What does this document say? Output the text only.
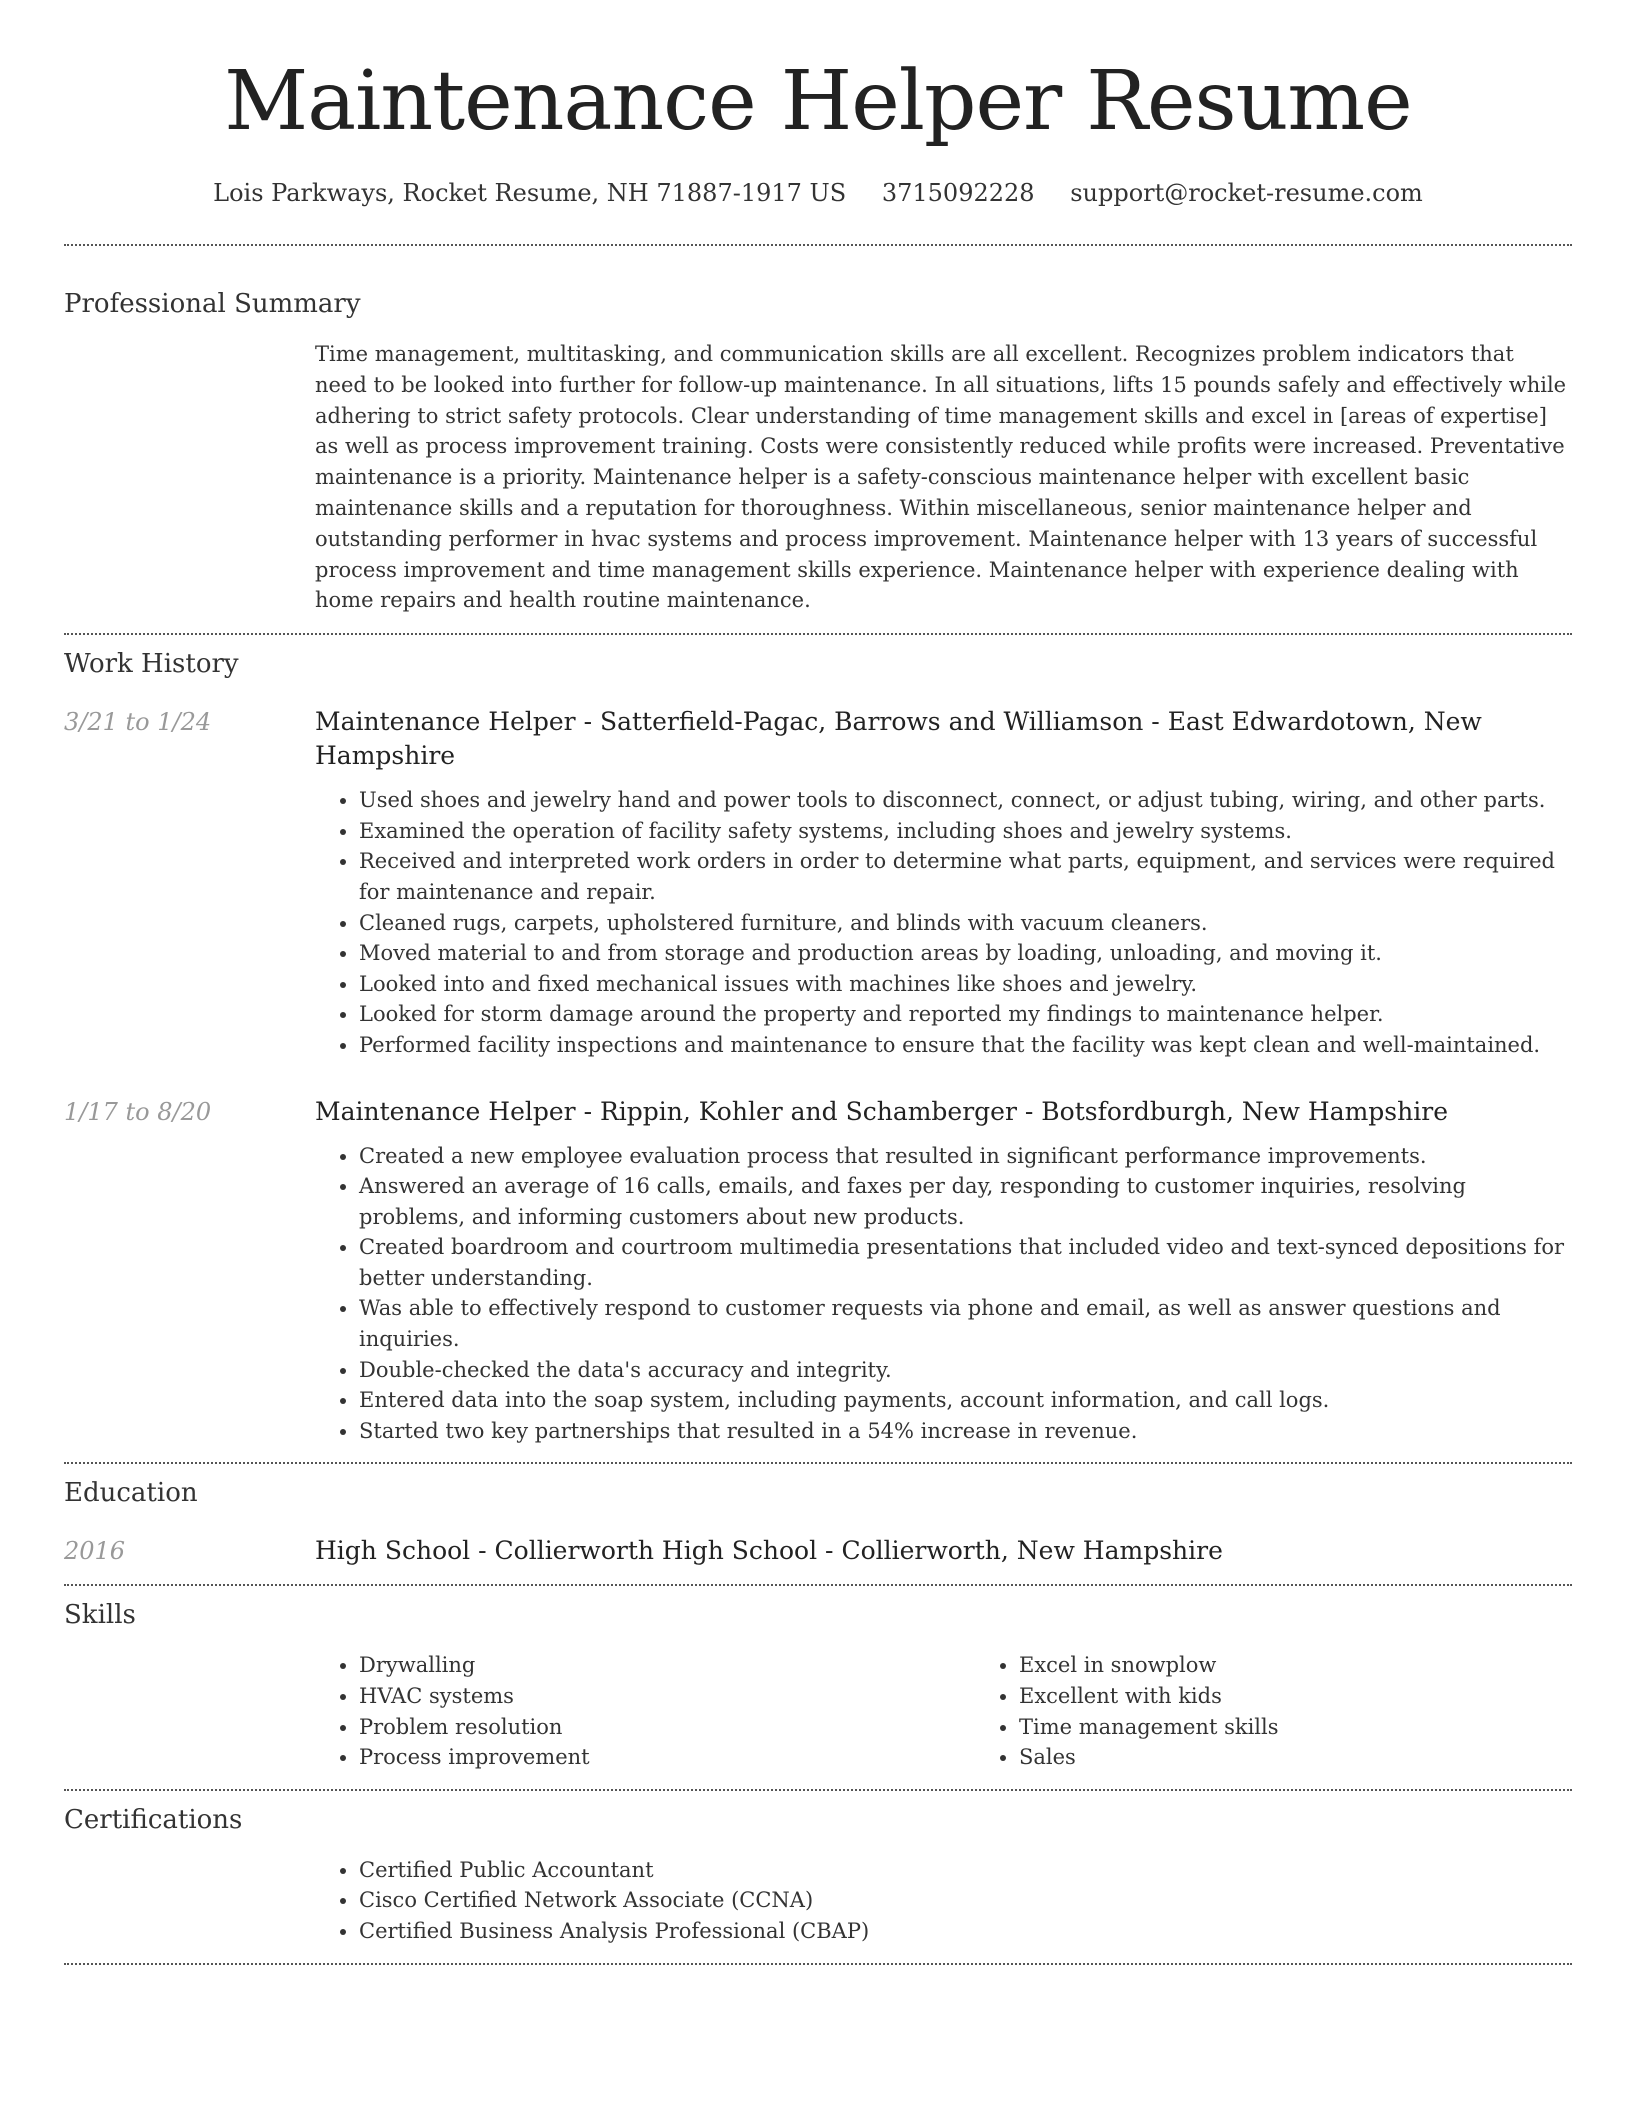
Maintenance Helper Resume
Lois Parkways, Rocket Resume, NH 71887-1917 US 3715092228 support@rocket-resume.com
Professional Summary

Time management, multitasking, and communication skills are all excellent. Recognizes problem indicators that need to be looked into further for follow-up maintenance. In all situations, lifts 15 pounds safely and effectively while adhering to strict safety protocols. Clear understanding of time management skills and excel in [areas of expertise] as well as process improvement training. Costs were consistently reduced while profits were increased. Preventative maintenance is a priority. Maintenance helper is a safety-conscious maintenance helper with excellent basic maintenance skills and a reputation for thoroughness. Within miscellaneous, senior maintenance helper and outstanding performer in hvac systems and process improvement. Maintenance helper with 13 years of successful process improvement and time management skills experience. Maintenance helper with experience dealing with home repairs and health routine maintenance.

Work History
3/21 to 1/24	Maintenance Helper - Satterfield-Pagac, Barrows and Williamson - East Edwardotown, New Hampshire
• Used shoes and jewelry hand and power tools to disconnect, connect, or adjust tubing, wiring, and other parts.
• Examined the operation of facility safety systems, including shoes and jewelry systems.
• Received and interpreted work orders in order to determine what parts, equipment, and services were required for maintenance and repair.
• Cleaned rugs, carpets, upholstered furniture, and blinds with vacuum cleaners.
• Moved material to and from storage and production areas by loading, unloading, and moving it.
• Looked into and fixed mechanical issues with machines like shoes and jewelry.
• Looked for storm damage around the property and reported my findings to maintenance helper.
• Performed facility inspections and maintenance to ensure that the facility was kept clean and well-maintained.
1/17 to 8/20	Maintenance Helper - Rippin, Kohler and Schamberger - Botsfordburgh, New Hampshire
• Created a new employee evaluation process that resulted in significant performance improvements.
• Answered an average of 16 calls, emails, and faxes per day, responding to customer inquiries, resolving problems, and informing customers about new products.
• Created boardroom and courtroom multimedia presentations that included video and text-synced depositions for better understanding.
• Was able to effectively respond to customer requests via phone and email, as well as answer questions and inquiries.
• Double-checked the data's accuracy and integrity.
• Entered data into the soap system, including payments, account information, and call logs.
• Started two key partnerships that resulted in a 54% increase in revenue.
Education
2016	High School - Collierworth High School - Collierworth, New Hampshire
Skills
• Drywalling
• HVAC systems
• Problem resolution
• Process improvement
• Excel in snowplow
• Excellent with kids
• Time management skills
• Sales
Certifications
• Certified Public Accountant
• Cisco Certified Network Associate (CCNA)
• Certified Business Analysis Professional (CBAP)
